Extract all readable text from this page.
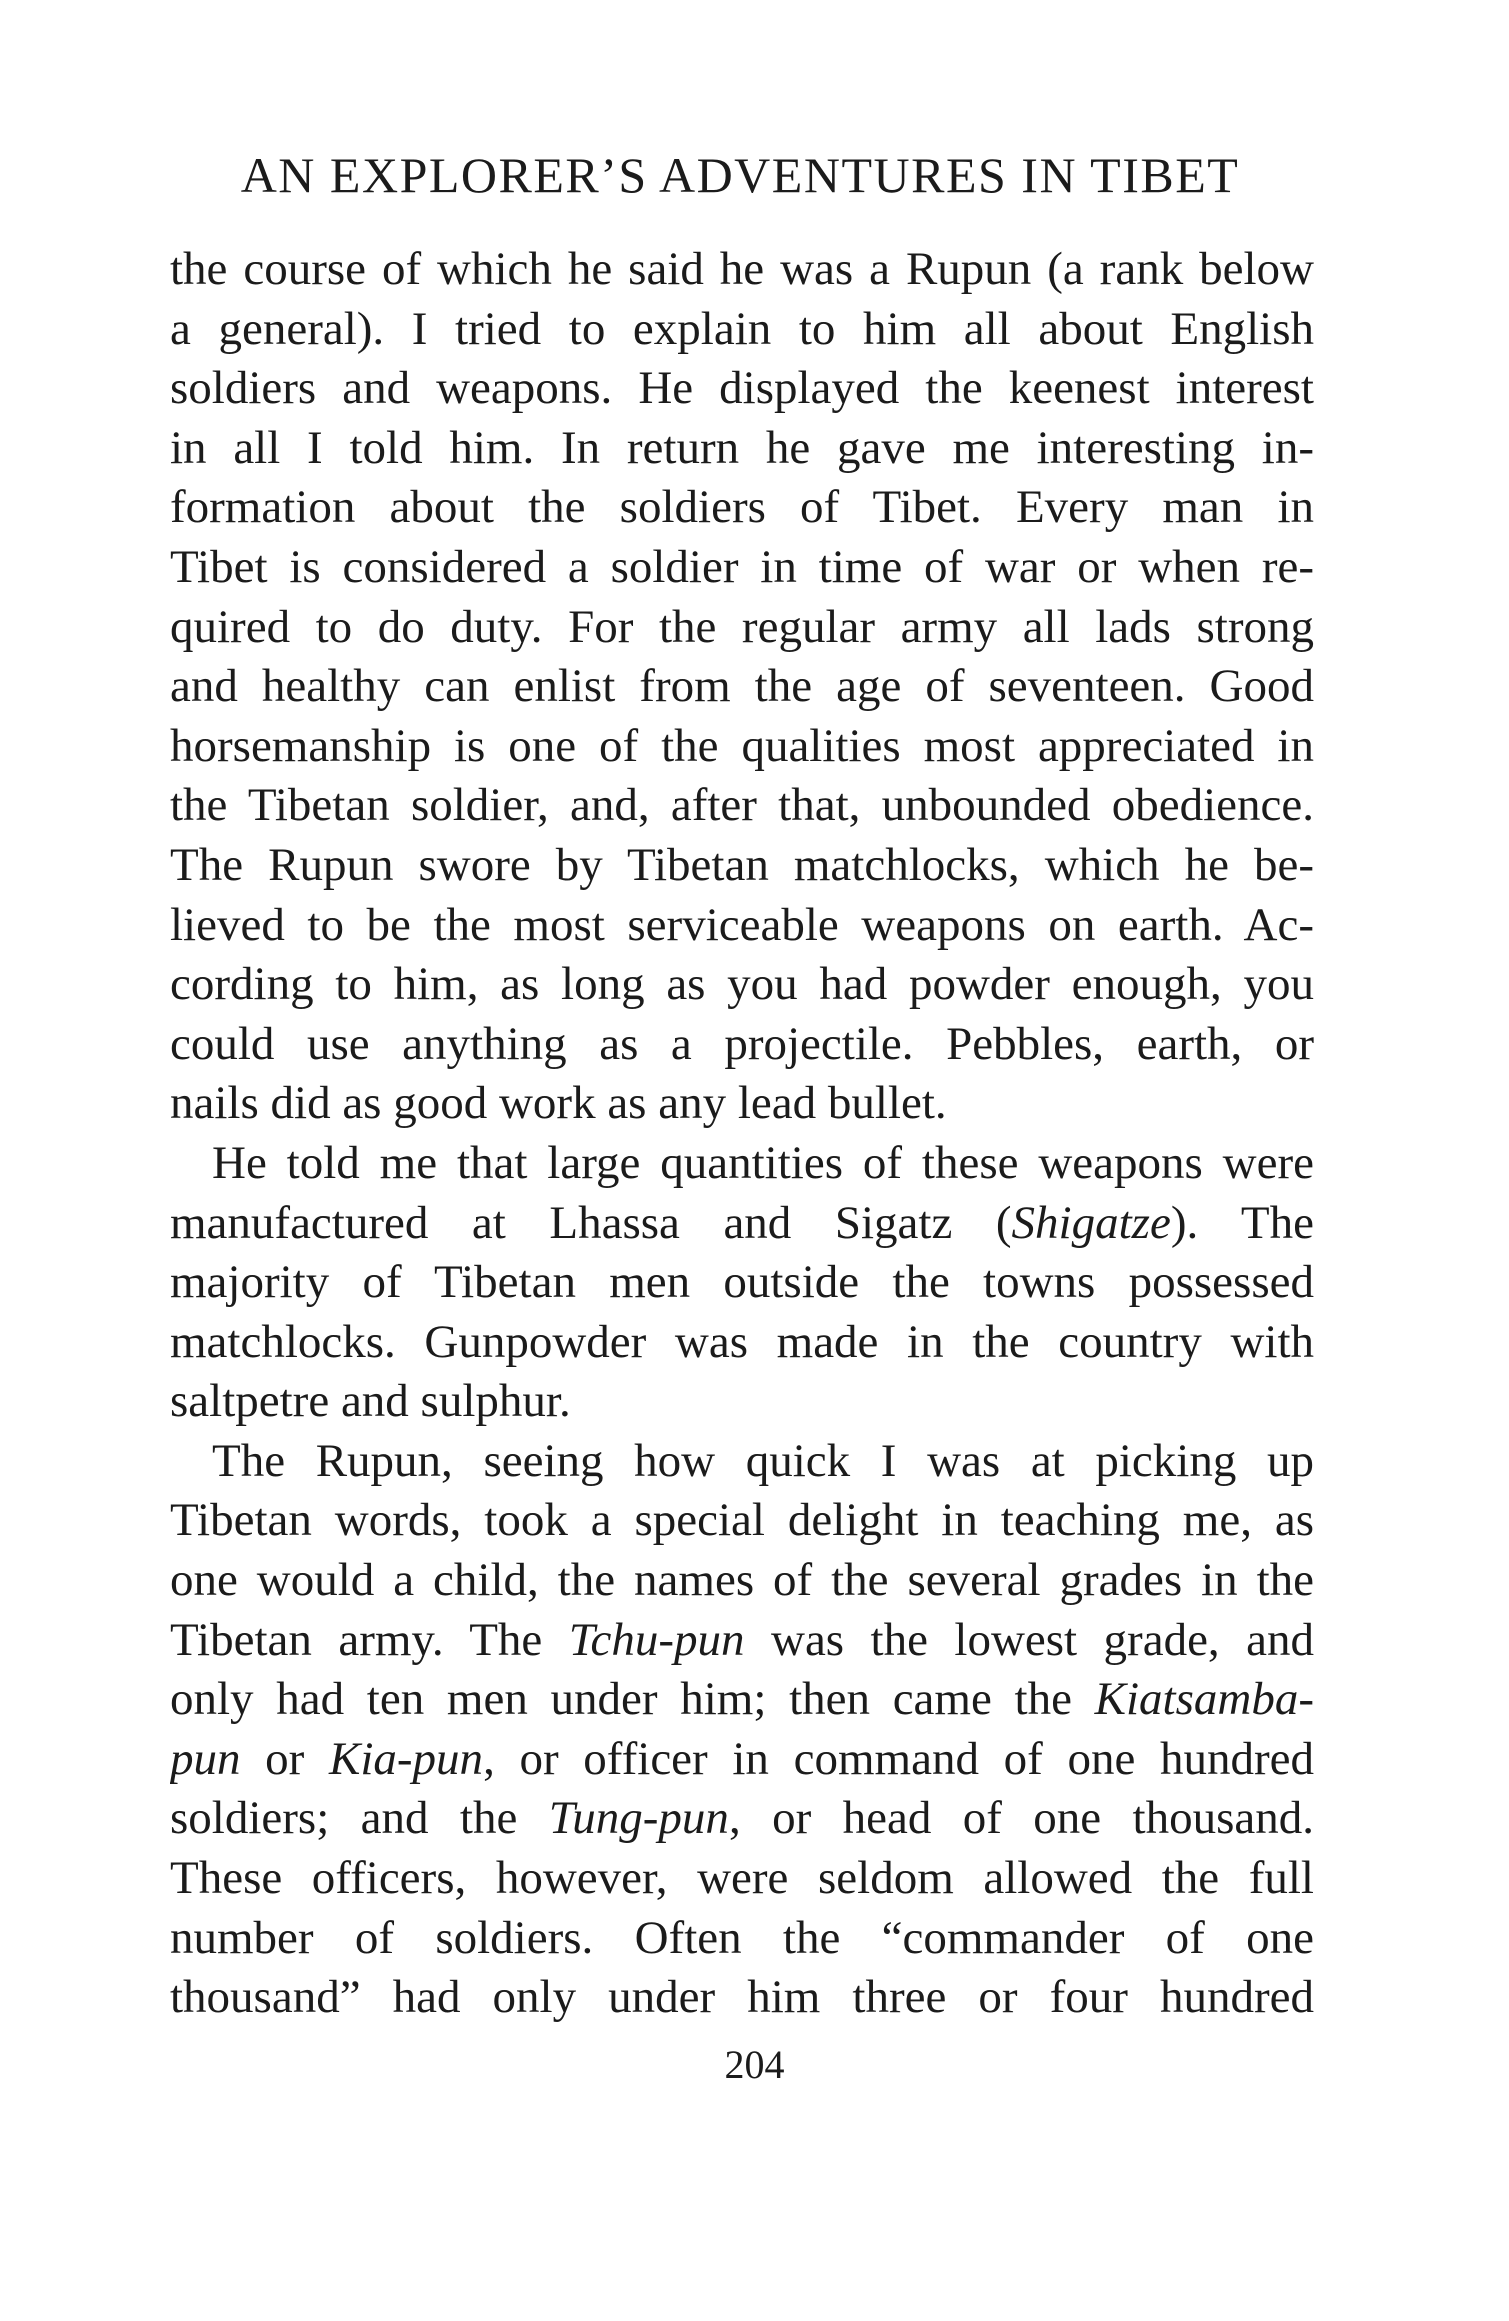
AN EXPLORER’S ADVENTURES IN TIBET
the course of which he said he was a Rupun (a rank below
a general). I tried to explain to him all about English
soldiers and weapons. He displayed the keenest interest
in all I told him. In return he gave me interesting in-
formation about the soldiers of Tibet. Every man in
Tibet is considered a soldier in time of war or when re-
quired to do duty. For the regular army all lads strong
and healthy can enlist from the age of seventeen. Good
horsemanship is one of the qualities most appreciated in
the Tibetan soldier, and, after that, unbounded obedience.
The Rupun swore by Tibetan matchlocks, which he be-
lieved to be the most serviceable weapons on earth. Ac-
cording to him, as long as you had powder enough, you
could use anything as a projectile. Pebbles, earth, or
nails did as good work as any lead bullet.
He told me that large quantities of these weapons were
manufactured at Lhassa and Sigatz (Shigatze). The
majority of Tibetan men outside the towns possessed
matchlocks. Gunpowder was made in the country with
saltpetre and sulphur.
The Rupun, seeing how quick I was at picking up
Tibetan words, took a special delight in teaching me, as
one would a child, the names of the several grades in the
Tibetan army. The Tchu-pun was the lowest grade, and
only had ten men under him; then came the Kiatsamba-
pun or Kia-pun, or officer in command of one hundred
soldiers; and the Tung-pun, or head of one thousand.
These officers, however, were seldom allowed the full
number of soldiers. Often the “commander of one
thousand” had only under him three or four hundred
204
